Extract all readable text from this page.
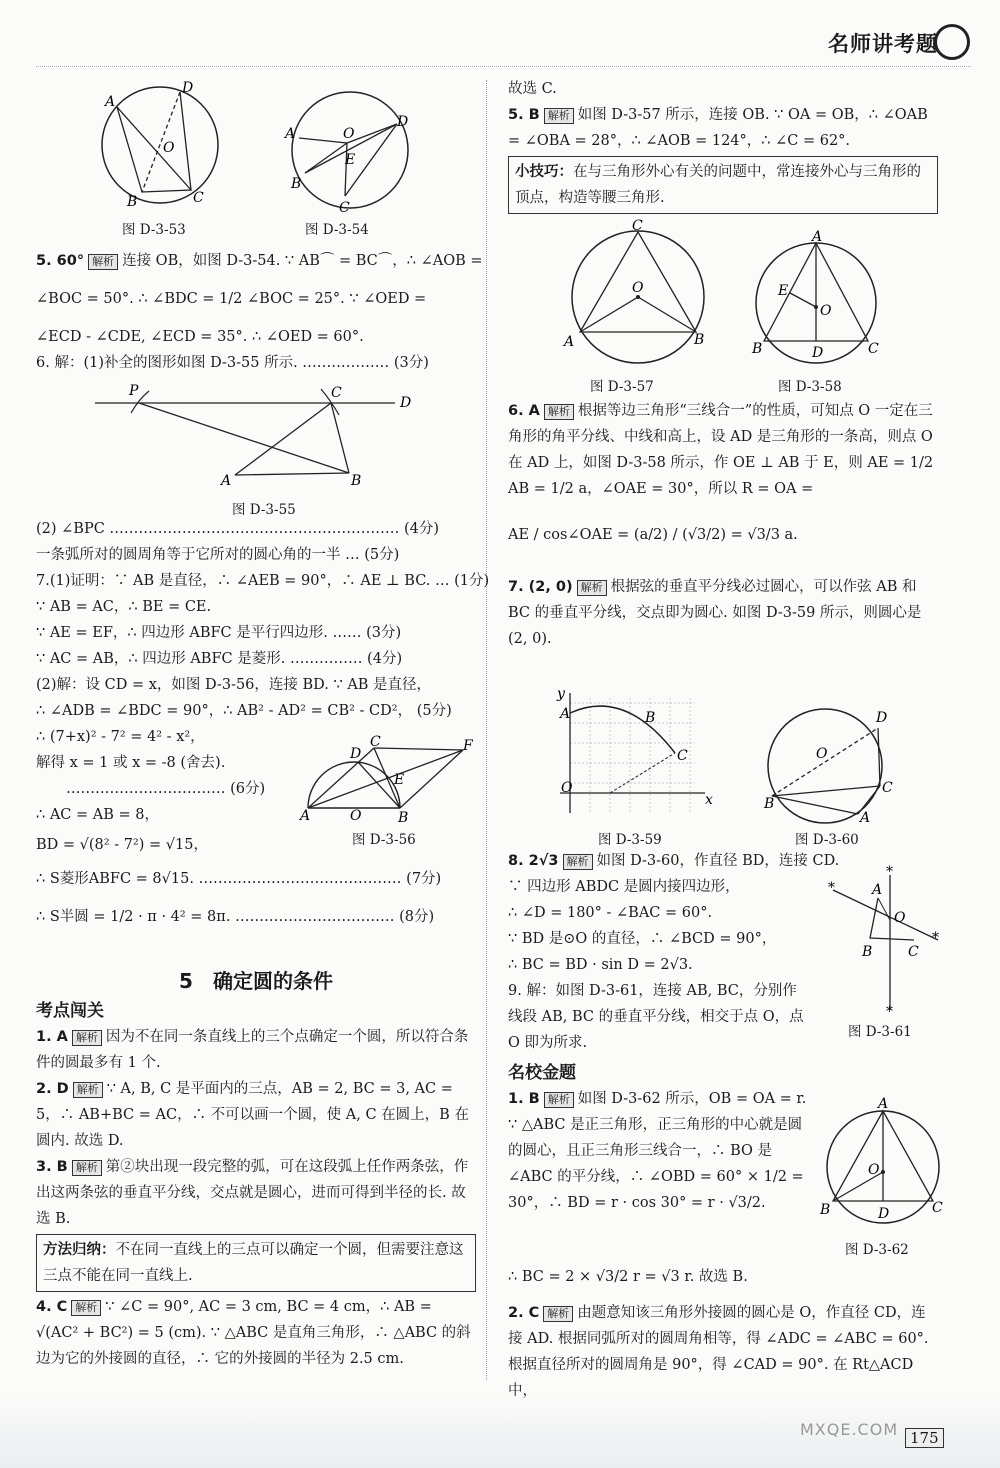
名师讲考题
A
D
O
B	C
图 D-3-53
A	O
D
E
B
C
图 D-3-54
P	C
D
A	B
图 D-3-55
D
C	F
E
O
A	B
图 D-3-56

5. 60° 解析 连接 OB，如图 D-3-54. ∵ AB⌒ = BC⌒，∴ ∠AOB =

∠BOC = 50°. ∴ ∠BDC = 1/2 ∠BOC = 25°. ∵ ∠OED =

∠ECD - ∠CDE, ∠ECD = 35°. ∴ ∠OED = 60°.

6. 解：(1)补全的图形如图 D-3-55 所示. ……………… (3分)

(2) ∠BPC …………………………………………………… (4分)

一条弧所对的圆周角等于它所对的圆心角的一半 … (5分)

7.(1)证明：∵ AB 是直径，∴ ∠AEB = 90°，∴ AE ⊥ BC. … (1分)

∵ AB = AC，∴ BE = CE.

∵ AE = EF，∴ 四边形 ABFC 是平行四边形. …… (3分)

∵ AC = AB，∴ 四边形 ABFC 是菱形. …………… (4分)

(2)解：设 CD = x，如图 D-3-56，连接 BD. ∵ AB 是直径，

∴ ∠ADB = ∠BDC = 90°，∴ AB² - AD² = CB² - CD²， (5分)

∴ (7+x)² - 7² = 4² - x²，

解得 x = 1 或 x = -8 (舍去).

…………………………… (6分)

∴ AC = AB = 8，

BD = √(8² - 7²) = √15，

∴ S菱形ABFC = 8√15. …………………………………… (7分)

∴ S半圆 = 1/2 · π · 4² = 8π. …………………………… (8分)

5　确定圆的条件

考点闯关

1. A 解析 因为不在同一条直线上的三个点确定一个圆，所以符合条件的圆最多有 1 个.

2. D 解析 ∵ A, B, C 是平面内的三点，AB = 2, BC = 3, AC = 5，∴ AB+BC = AC，∴ 不可以画一个圆，使 A, C 在圆上，B 在圆内. 故选 D.

3. B 解析 第②块出现一段完整的弧，可在这段弧上任作两条弦，作出这两条弦的垂直平分线，交点就是圆心，进而可得到半径的长. 故选 B.

方法归纳：不在同一直线上的三点可以确定一个圆，但需要注意这三点不能在同一直线上.

4. C 解析 ∵ ∠C = 90°, AC = 3 cm, BC = 4 cm，∴ AB = √(AC² + BC²) = 5 (cm). ∵ △ABC 是直角三角形，∴ △ABC 的斜边为它的外接圆的直径，∴ 它的外接圆的半径为 2.5 cm.

故选 C.

5. B 解析 如图 D-3-57 所示，连接 OB. ∵ OA = OB，∴ ∠OAB = ∠OBA = 28°，∴ ∠AOB = 124°，∴ ∠C = 62°.

小技巧：在与三角形外心有关的问题中，常连接外心与三角形的顶点，构造等腰三角形.
C
O
A	B
图 D-3-57
A
E
O
B	D	C
图 D-3-58

6. A 解析 根据等边三角形“三线合一”的性质，可知点 O 一定在三角形的角平分线、中线和高上，设 AD 是三角形的一条高，则点 O 在 AD 上，如图 D-3-58 所示，作 OE ⊥ AB 于 E，则 AE = 1/2 AB = 1/2 a，∠OAE = 30°，所以 R = OA =

AE / cos∠OAE = (a/2) / (√3/2) = √3/3 a.

7. (2, 0) 解析 根据弦的垂直平分线必过圆心，可以作弦 AB 和 BC 的垂直平分线，交点即为圆心. 如图 D-3-59 所示，则圆心是 (2, 0).

y
A	B
C
O
x
图 D-3-59
D
O
B
C
A
图 D-3-60

8. 2√3 解析 如图 D-3-60，作直径 BD，连接 CD.

∵ 四边形 ABDC 是圆内接四边形，

∴ ∠D = 180° - ∠BAC = 60°.

∵ BD 是⊙O 的直径，∴ ∠BCD = 90°，

∴ BC = BD · sin D = 2√3.

9. 解：如图 D-3-61，连接 AB, BC，分别作线段 AB, BC 的垂直平分线，相交于点 O，点 O 即为所求.

名校金题

1. B 解析 如图 D-3-62 所示，OB = OA = r. ∵ △ABC 是正三角形，正三角形的中心就是圆的圆心，且正三角形三线合一，∴ BO 是∠ABC 的平分线，∴ ∠OBD = 60° × 1/2 = 30°，∴ BD = r · cos 30° = r · √3/2.

*
*
*
*
A
O
B	C
图 D-3-61
A
O
B	D	C
图 D-3-62

∴ BC = 2 × √3/2 r = √3 r. 故选 B.

2. C 解析 由题意知该三角形外接圆的圆心是 O，作直径 CD，连接 AD. 根据同弧所对的圆周角相等，得 ∠ADC = ∠ABC = 60°. 根据直径所对的圆周角是 90°，得 ∠CAD = 90°. 在 Rt△ACD 中，

MXQE.COM 175
